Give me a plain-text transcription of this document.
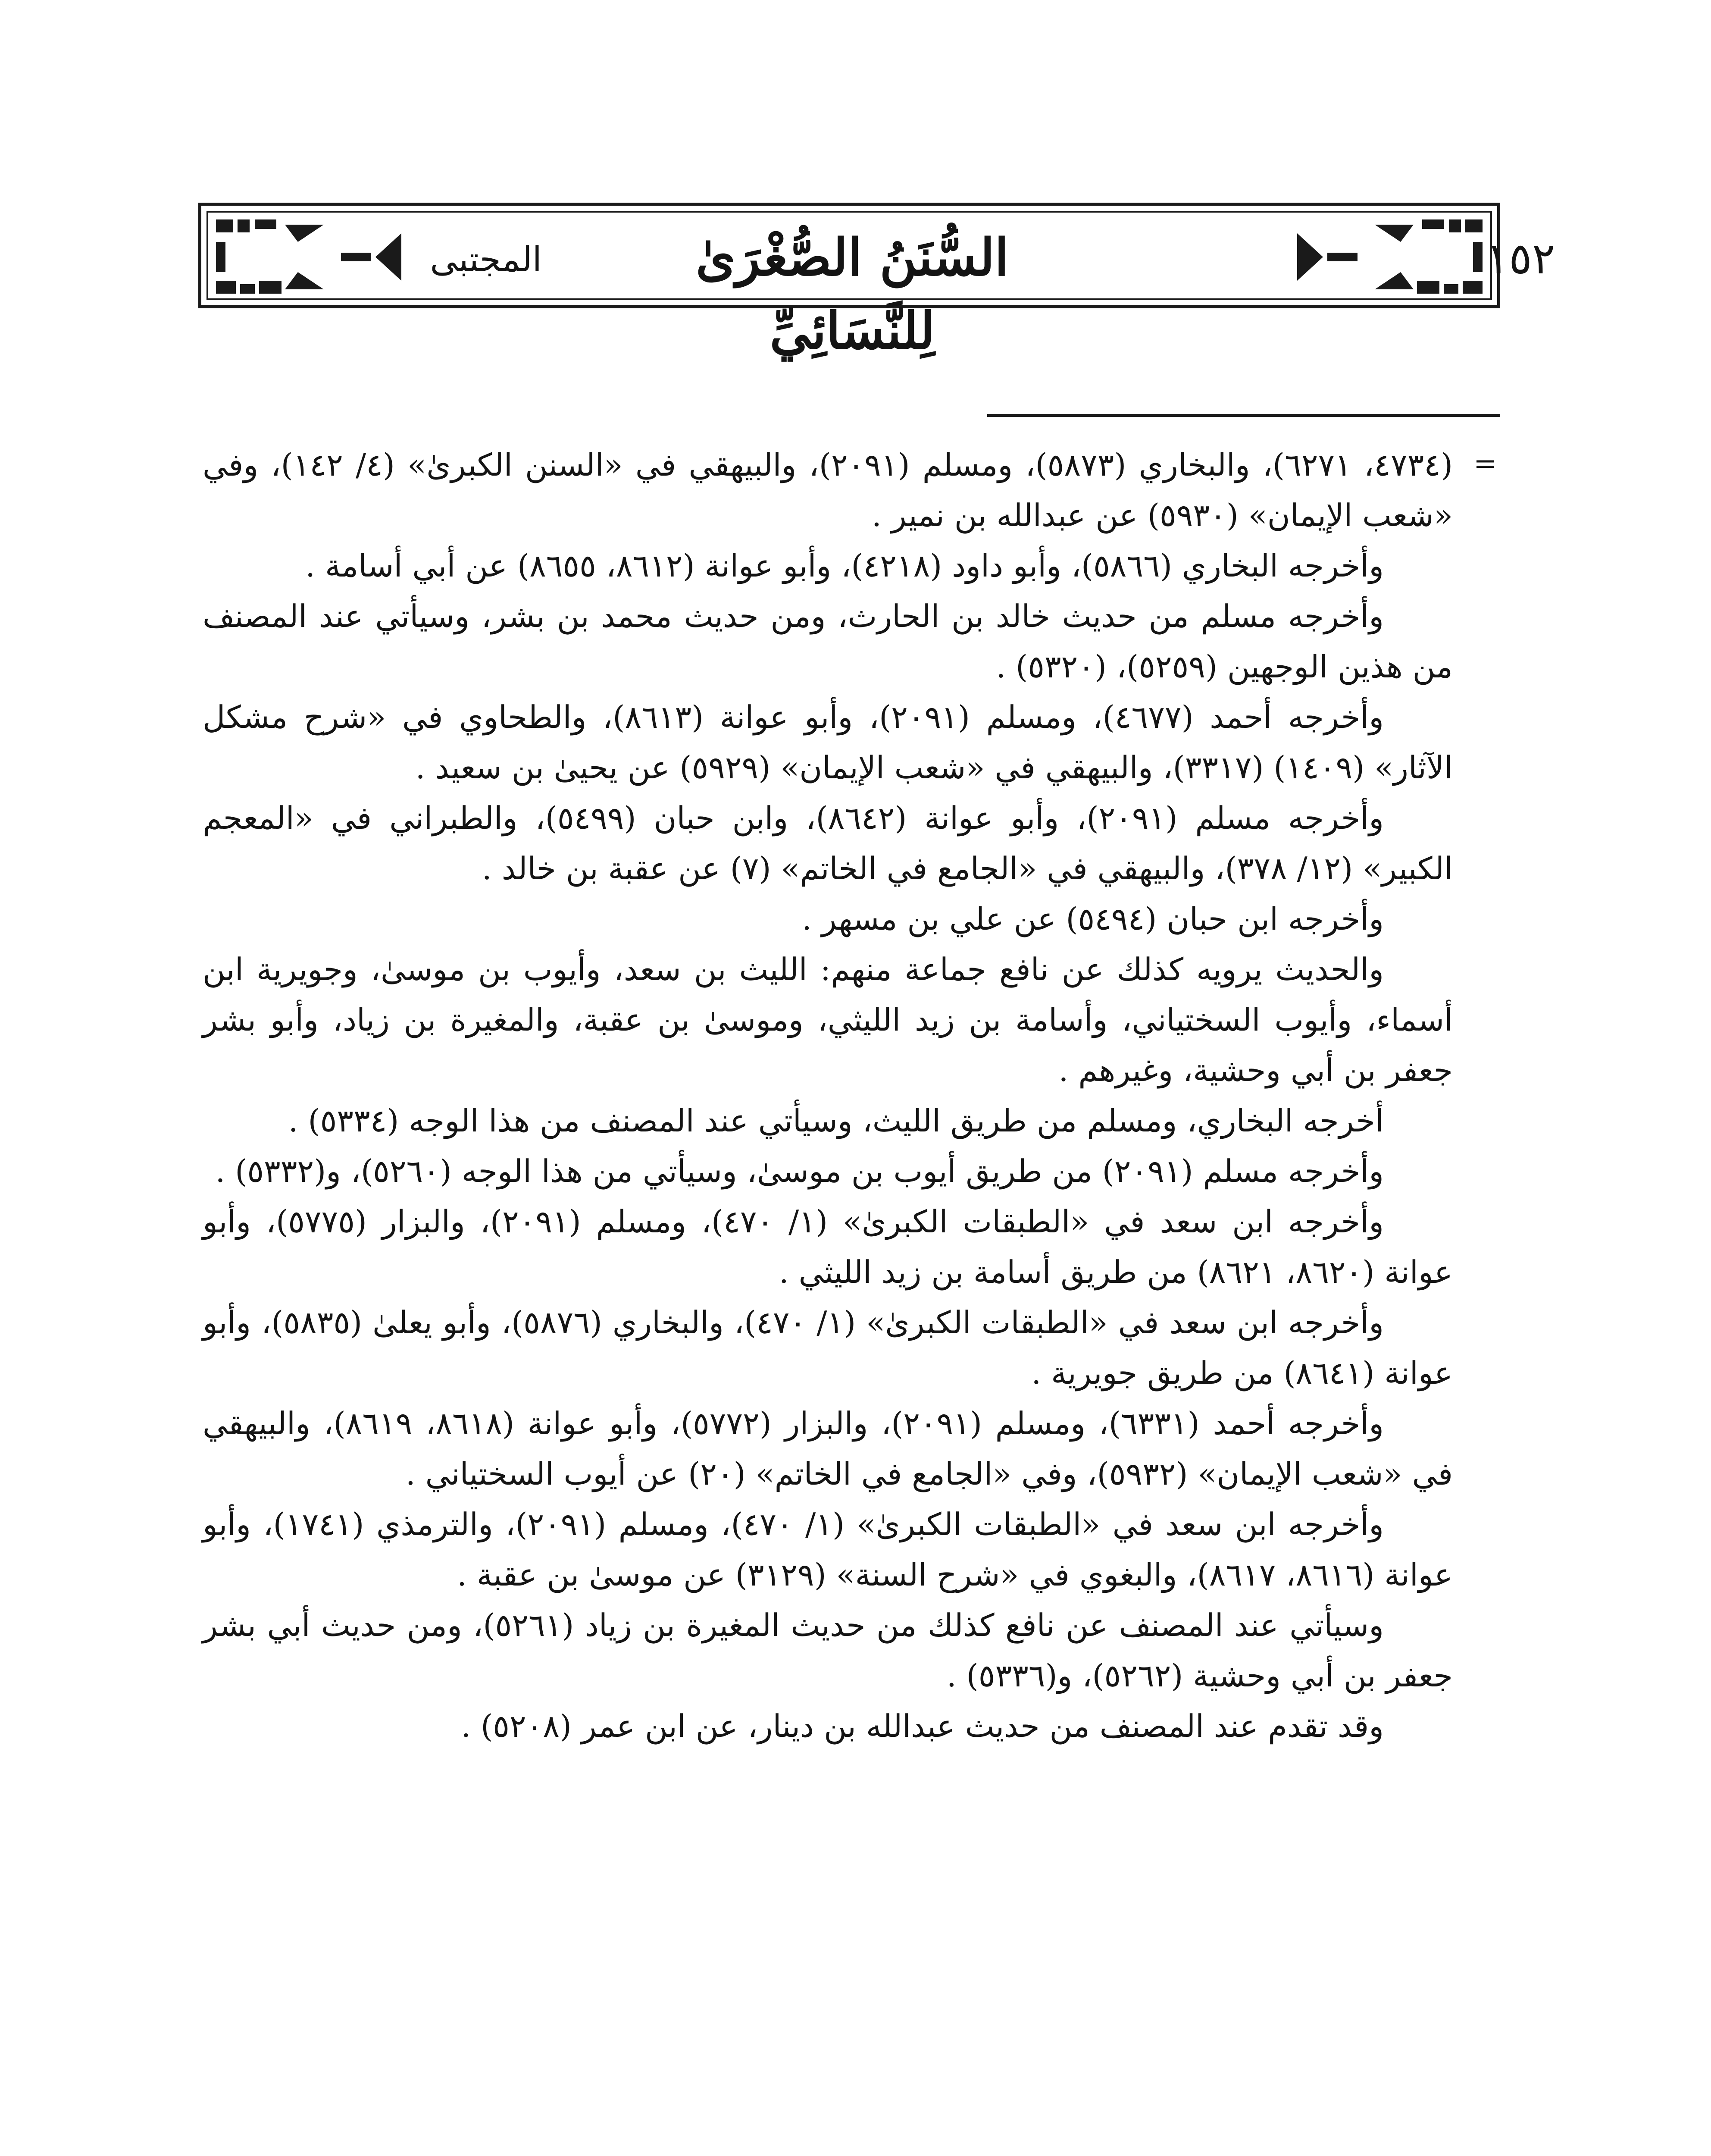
المجتبى	السُّنَنُ الصُّغْرَىٰ لِلنَّسَائِيِّ
١٥٢
=

(٤٧٣٤، ٦٢٧١)، والبخاري (٥٨٧٣)، ومسلم (٢٠٩١)، والبيهقي في «السنن الكبرىٰ» (٤/ ١٤٢)، وفي «شعب الإيمان» (٥٩٣٠) عن عبدالله بن نمير .

وأخرجه البخاري (٥٨٦٦)، وأبو داود (٤٢١٨)، وأبو عوانة (٨٦١٢، ٨٦٥٥) عن أبي أسامة .

وأخرجه مسلم من حديث خالد بن الحارث، ومن حديث محمد بن بشر، وسيأتي عند المصنف من هذين الوجهين (٥٢٥٩)، (٥٣٢٠) .

وأخرجه أحمد (٤٦٧٧)، ومسلم (٢٠٩١)، وأبو عوانة (٨٦١٣)، والطحاوي في «شرح مشكل الآثار» (١٤٠٩) (٣٣١٧)، والبيهقي في «شعب الإيمان» (٥٩٢٩) عن يحيىٰ بن سعيد .

وأخرجه مسلم (٢٠٩١)، وأبو عوانة (٨٦٤٢)، وابن حبان (٥٤٩٩)، والطبراني في «المعجم الكبير» (١٢/ ٣٧٨)، والبيهقي في «الجامع في الخاتم» (٧) عن عقبة بن خالد .

وأخرجه ابن حبان (٥٤٩٤) عن علي بن مسهر .

والحديث يرويه كذلك عن نافع جماعة منهم: الليث بن سعد، وأيوب بن موسىٰ، وجويرية ابن أسماء، وأيوب السختياني، وأسامة بن زيد الليثي، وموسىٰ بن عقبة، والمغيرة بن زياد، وأبو بشر جعفر بن أبي وحشية، وغيرهم .

أخرجه البخاري، ومسلم من طريق الليث، وسيأتي عند المصنف من هذا الوجه (٥٣٣٤) .

وأخرجه مسلم (٢٠٩١) من طريق أيوب بن موسىٰ، وسيأتي من هذا الوجه (٥٢٦٠)، و(٥٣٣٢) .

وأخرجه ابن سعد في «الطبقات الكبرىٰ» (١/ ٤٧٠)، ومسلم (٢٠٩١)، والبزار (٥٧٧٥)، وأبو عوانة (٨٦٢٠، ٨٦٢١) من طريق أسامة بن زيد الليثي .

وأخرجه ابن سعد في «الطبقات الكبرىٰ» (١/ ٤٧٠)، والبخاري (٥٨٧٦)، وأبو يعلىٰ (٥٨٣٥)، وأبو عوانة (٨٦٤١) من طريق جويرية .

وأخرجه أحمد (٦٣٣١)، ومسلم (٢٠٩١)، والبزار (٥٧٧٢)، وأبو عوانة (٨٦١٨، ٨٦١٩)، والبيهقي في «شعب الإيمان» (٥٩٣٢)، وفي «الجامع في الخاتم» (٢٠) عن أيوب السختياني .

وأخرجه ابن سعد في «الطبقات الكبرىٰ» (١/ ٤٧٠)، ومسلم (٢٠٩١)، والترمذي (١٧٤١)، وأبو عوانة (٨٦١٦، ٨٦١٧)، والبغوي في «شرح السنة» (٣١٢٩) عن موسىٰ بن عقبة .

وسيأتي عند المصنف عن نافع كذلك من حديث المغيرة بن زياد (٥٢٦١)، ومن حديث أبي بشر جعفر بن أبي وحشية (٥٢٦٢)، و(٥٣٣٦) .

وقد تقدم عند المصنف من حديث عبدالله بن دينار، عن ابن عمر (٥٢٠٨) .
